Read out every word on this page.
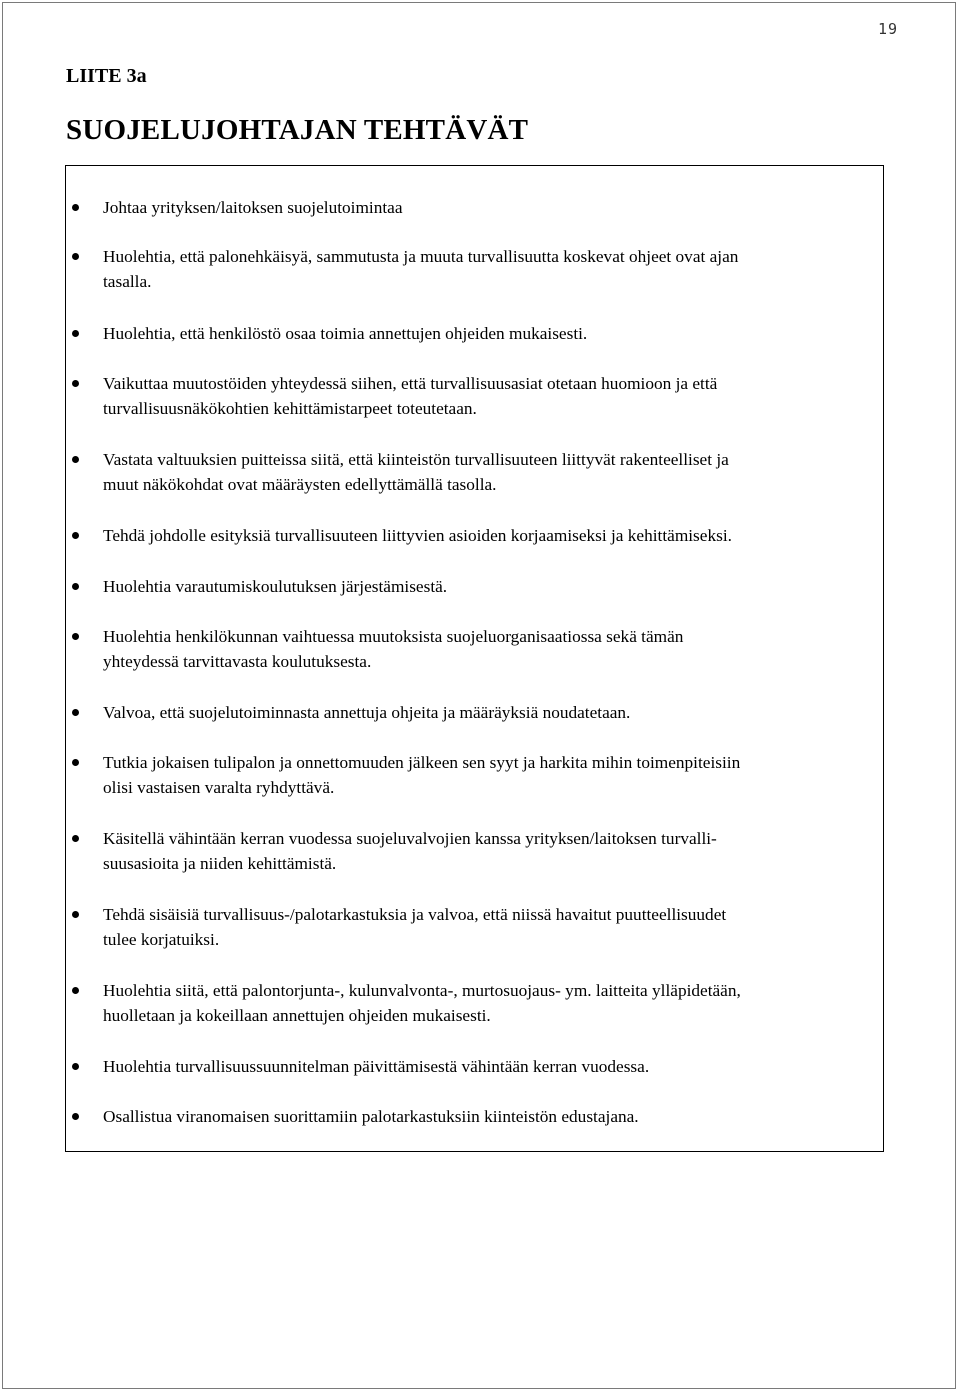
19
LIITE 3a
SUOJELUJOHTAJAN TEHTÄVÄT
Johtaa yrityksen/laitoksen suojelutoimintaa
Huolehtia, että palonehkäisyä, sammutusta ja muuta turvallisuutta koskevat ohjeet ovat ajan
tasalla.
Huolehtia, että henkilöstö osaa toimia annettujen ohjeiden mukaisesti.
Vaikuttaa muutostöiden yhteydessä siihen, että turvallisuusasiat otetaan huomioon ja että
turvallisuusnäkökohtien kehittämistarpeet toteutetaan.
Vastata valtuuksien puitteissa siitä, että kiinteistön turvallisuuteen liittyvät rakenteelliset ja
muut näkökohdat ovat määräysten edellyttämällä tasolla.
Tehdä johdolle esityksiä turvallisuuteen liittyvien asioiden korjaamiseksi ja kehittämiseksi.
Huolehtia varautumiskoulutuksen järjestämisestä.
Huolehtia henkilökunnan vaihtuessa muutoksista suojeluorganisaatiossa sekä tämän
yhteydessä tarvittavasta koulutuksesta.
Valvoa, että suojelutoiminnasta annettuja ohjeita ja määräyksiä noudatetaan.
Tutkia jokaisen tulipalon ja onnettomuuden jälkeen sen syyt ja harkita mihin toimenpiteisiin
olisi vastaisen varalta ryhdyttävä.
Käsitellä vähintään kerran vuodessa suojeluvalvojien kanssa yrityksen/laitoksen turvalli-
suusasioita ja niiden kehittämistä.
Tehdä sisäisiä turvallisuus-/palotarkastuksia ja valvoa, että niissä havaitut puutteellisuudet
tulee korjatuiksi.
Huolehtia siitä, että palontorjunta-, kulunvalvonta-, murtosuojaus- ym. laitteita ylläpidetään,
huolletaan ja kokeillaan annettujen ohjeiden mukaisesti.
Huolehtia turvallisuussuunnitelman päivittämisestä vähintään kerran vuodessa.
Osallistua viranomaisen suorittamiin palotarkastuksiin kiinteistön edustajana.
